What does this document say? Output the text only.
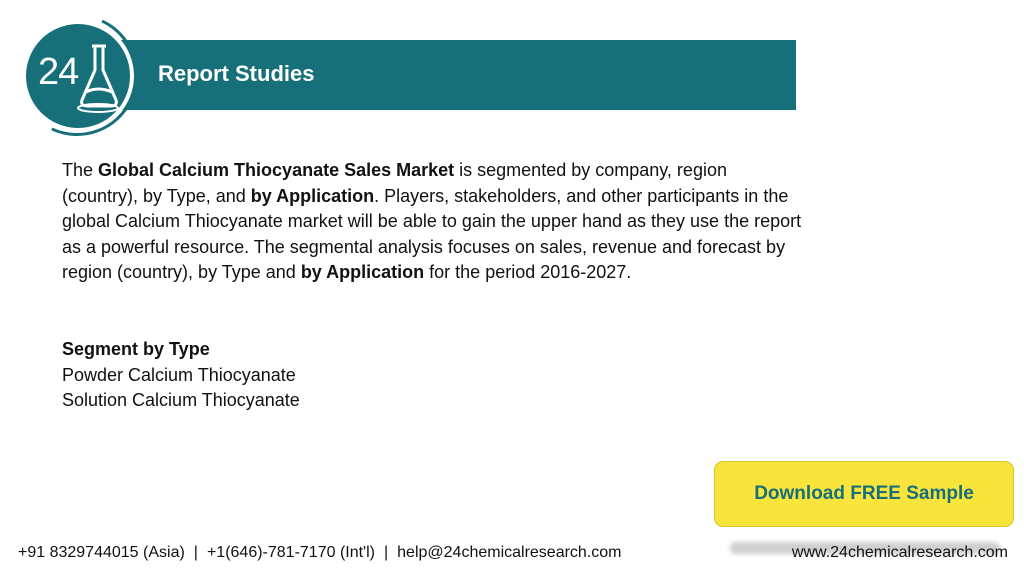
Report Studies
24
The Global Calcium Thiocyanate Sales Market is segmented by company, region (country), by Type, and by Application. Players, stakeholders, and other participants in the global Calcium Thiocyanate market will be able to gain the upper hand as they use the report as a powerful resource. The segmental analysis focuses on sales, revenue and forecast by region (country), by Type and by Application for the period 2016-2027.
Segment by Type
Powder Calcium Thiocyanate
Solution Calcium Thiocyanate
Download FREE Sample
+91 8329744015 (Asia) | +1(646)-781-7170 (Int'l) | help@24chemicalresearch.com	www.24chemicalresearch.com
